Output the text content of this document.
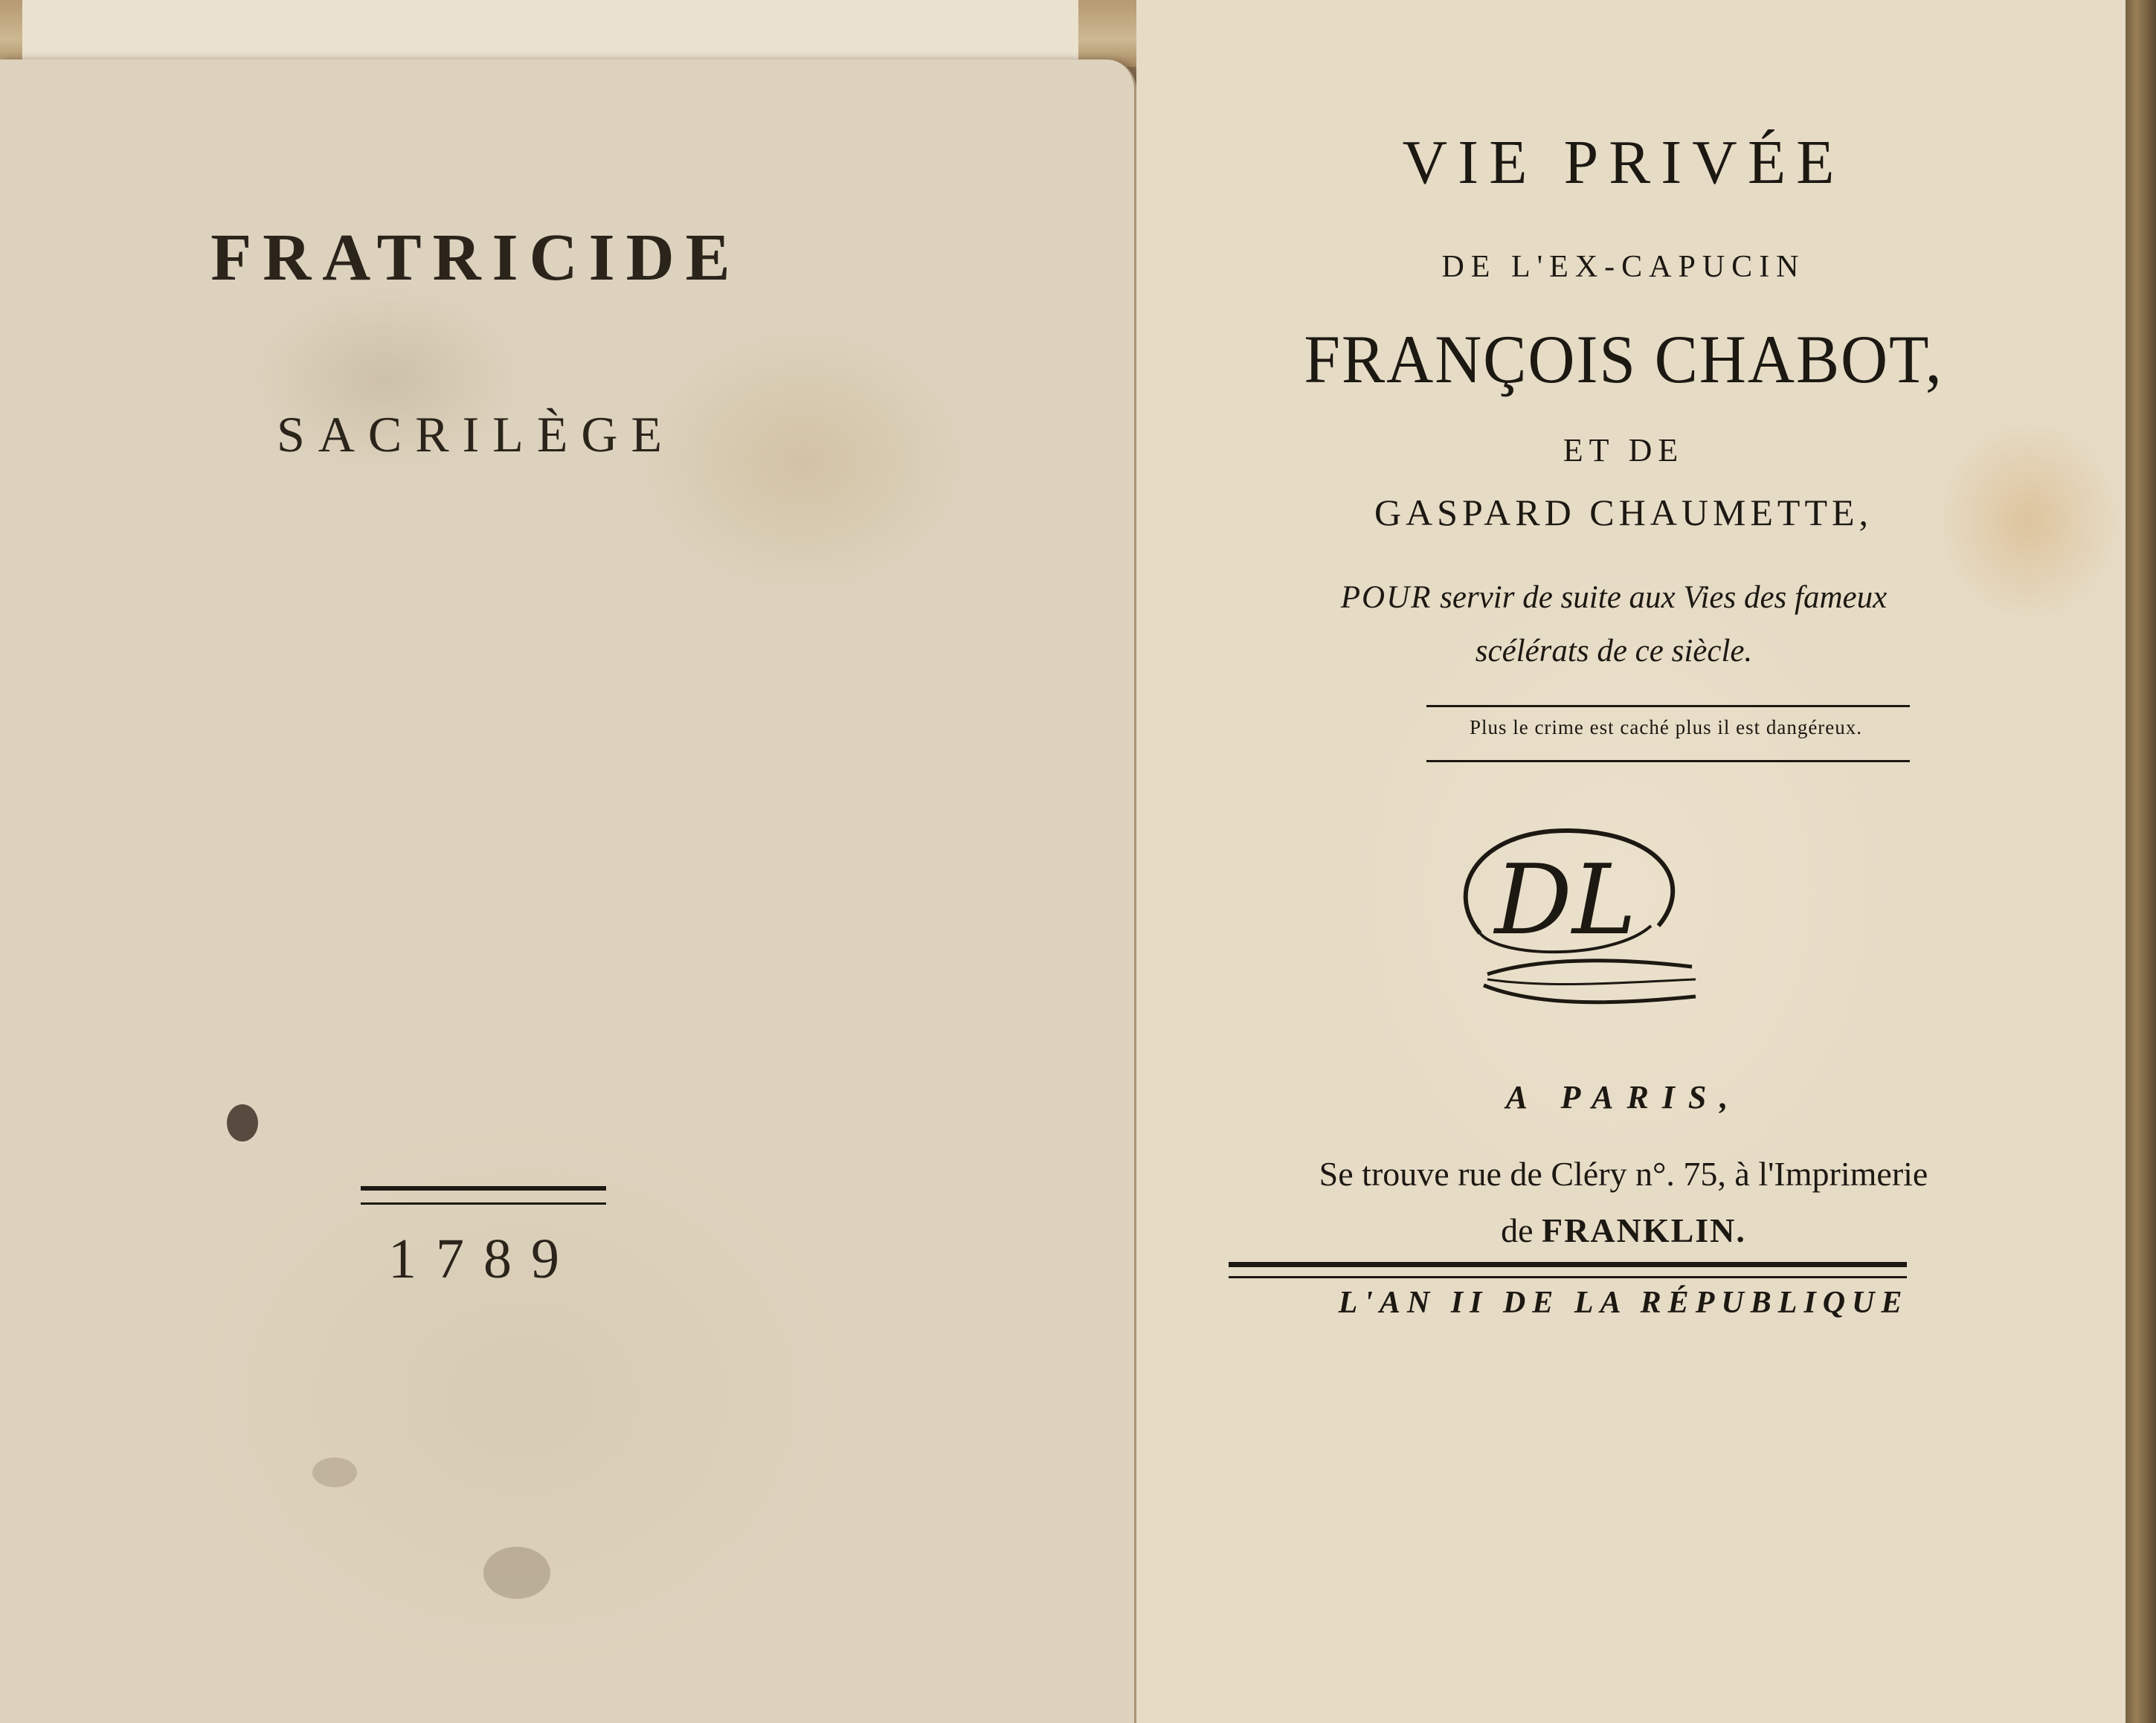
FRATRICIDE
SACRILÈGE
1789
VIE PRIVÉE
DE L'EX-CAPUCIN
FRANÇOIS CHABOT,
ET DE
GASPARD CHAUMETTE,
POUR servir de suite aux Vies des fameux
scélérats de ce siècle.
Plus le crime est caché plus il est dangéreux.
DL
A PARIS,
Se trouve rue de Cléry n°. 75, à l'Imprimerie
de FRANKLIN.
L'AN II DE LA RÉPUBLIQUE
